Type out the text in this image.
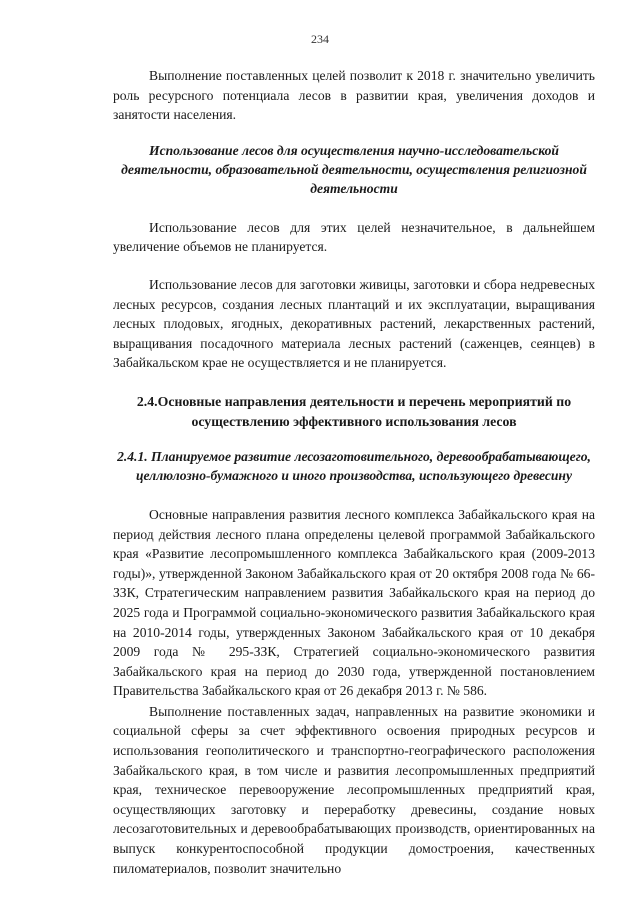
234

Выполнение поставленных целей позволит к 2018 г. значительно увеличить роль ресурсного потенциала лесов в развитии края, увеличения доходов и занятости населения.

Использование лесов для осуществления научно-исследовательской деятельности, образовательной деятельности, осуществления религиозной деятельности

Использование лесов для этих целей незначительное, в дальнейшем увеличение объемов не планируется.

Использование лесов для заготовки живицы, заготовки и сбора недревесных лесных ресурсов, создания лесных плантаций и их эксплуатации, выращивания лесных плодовых, ягодных, декоративных растений, лекарственных растений, выращивания посадочного материала лесных растений (саженцев, сеянцев) в Забайкальском крае не осуществляется и не планируется.

2.4.Основные направления деятельности и перечень мероприятий по осуществлению эффективного использования лесов

2.4.1. Планируемое развитие лесозаготовительного, деревообрабатывающего, целлюлозно-бумажного и иного производства, использующего древесину

Основные направления развития лесного комплекса Забайкальского края на период действия лесного плана определены целевой программой Забайкальского края «Развитие лесопромышленного комплекса Забайкальского края (2009-2013 годы)», утвержденной Законом Забайкальского края от 20 октября 2008 года № 66-ЗЗК, Стратегическим направлением развития Забайкальского края на период до 2025 года и Программой социально-экономического развития Забайкальского края на 2010-2014 годы, утвержденных Законом Забайкальского края от 10 декабря 2009 года № 295-ЗЗК, Стратегией социально-экономического развития Забайкальского края на период до 2030 года, утвержденной постановлением Правительства Забайкальского края от 26 декабря 2013 г. № 586.

Выполнение поставленных задач, направленных на развитие экономики и социальной сферы за счет эффективного освоения природных ресурсов и использования геополитического и транспортно-географического расположения Забайкальского края, в том числе и развития лесопромышленных предприятий края, техническое перевооружение лесопромышленных предприятий края, осуществляющих заготовку и переработку древесины, создание новых лесозаготовительных и деревообрабатывающих производств, ориентированных на выпуск конкурентоспособной продукции домостроения, качественных пиломатериалов, позволит значительно
